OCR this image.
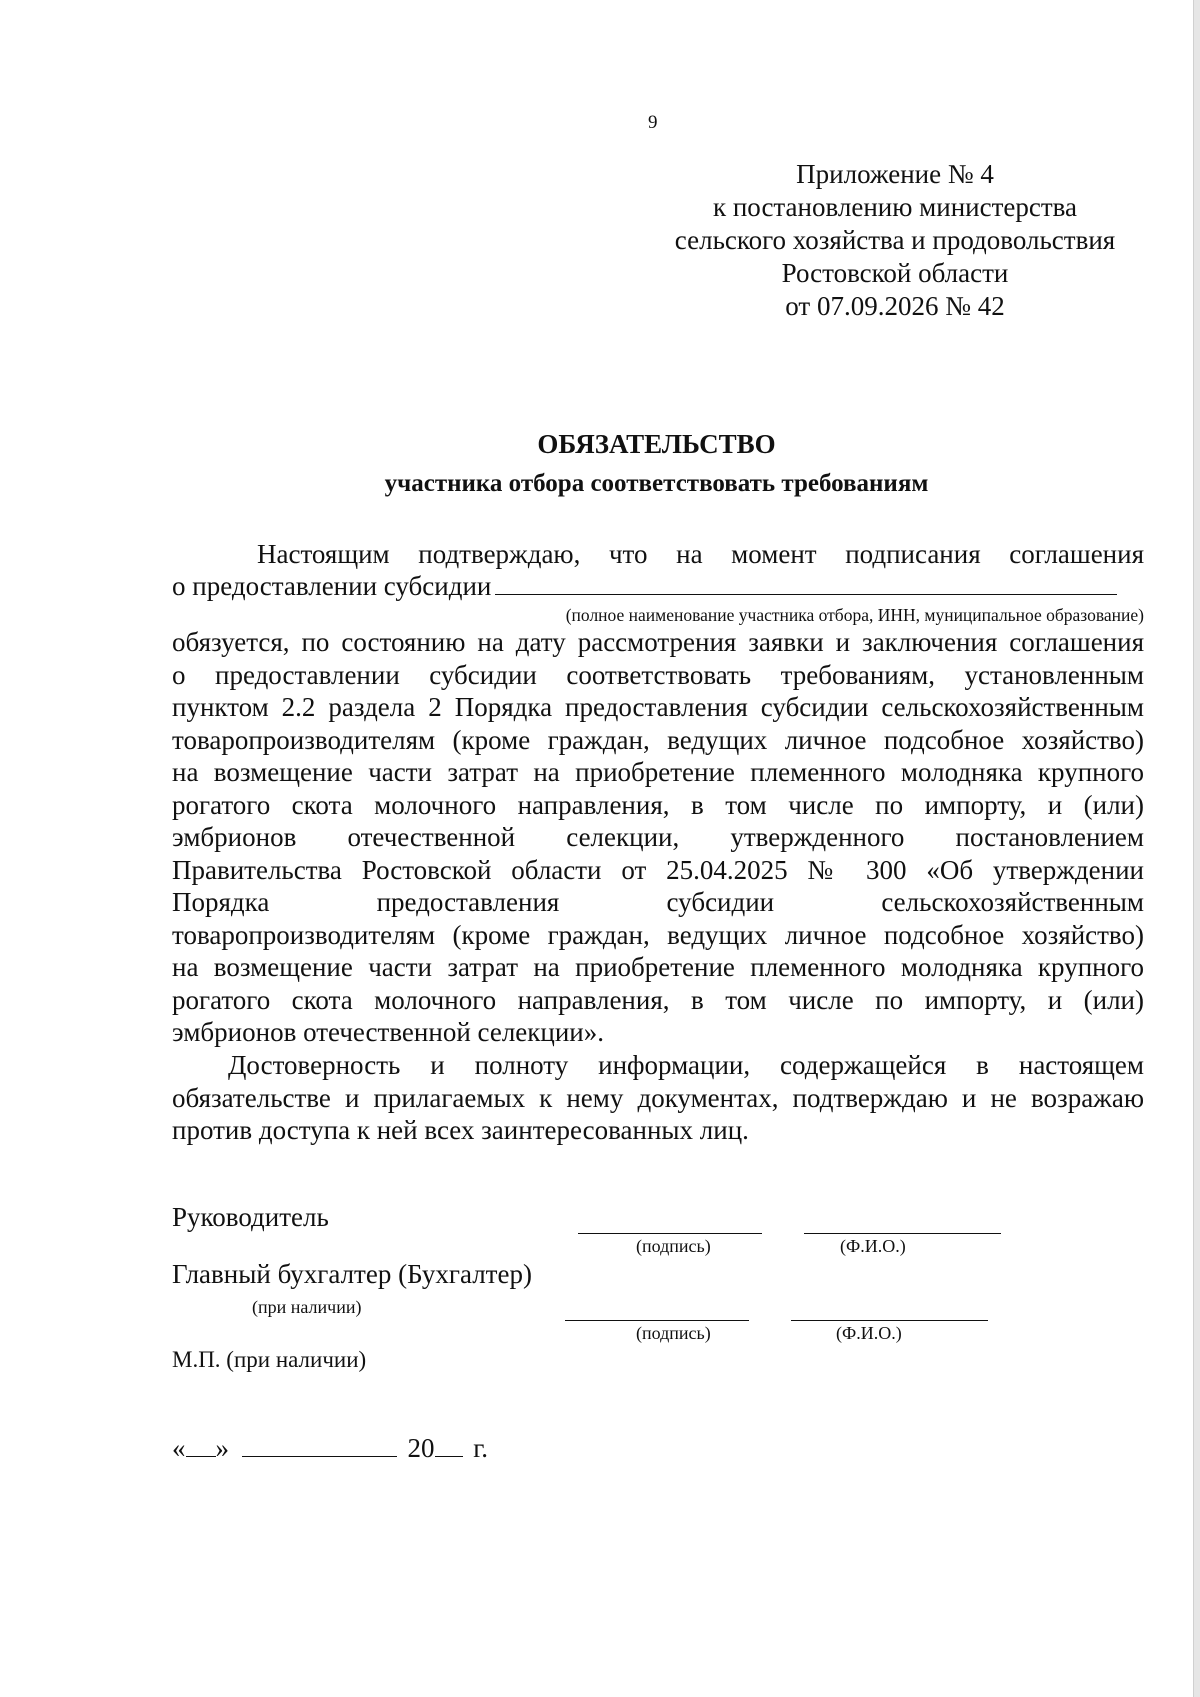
9
Приложение № 4
к постановлению министерства
сельского хозяйства и продовольствия
Ростовской области
от 07.09.2026 № 42
ОБЯЗАТЕЛЬСТВО
участника отбора соответствовать требованиям
Настоящим подтверждаю, что на момент подписания соглашения
о предоставлении субсидии
(полное наименование участника отбора, ИНН, муниципальное образование)
обязуется, по состоянию на дату рассмотрения заявки и заключения соглашения
о предоставлении субсидии соответствовать требованиям, установленным
пунктом 2.2 раздела 2 Порядка предоставления субсидии сельскохозяйственным
товаропроизводителям (кроме граждан, ведущих личное подсобное хозяйство)
на возмещение части затрат на приобретение племенного молодняка крупного
рогатого скота молочного направления, в том числе по импорту, и (или)
эмбрионов отечественной селекции, утвержденного постановлением
Правительства Ростовской области от 25.04.2025 № 300 «Об утверждении
Порядка предоставления субсидии сельскохозяйственным
товаропроизводителям (кроме граждан, ведущих личное подсобное хозяйство)
на возмещение части затрат на приобретение племенного молодняка крупного
рогатого скота молочного направления, в том числе по импорту, и (или)
эмбрионов отечественной селекции».
Достоверность и полноту информации, содержащейся в настоящем
обязательстве и прилагаемых к нему документах, подтверждаю и не возражаю
против доступа к ней всех заинтересованных лиц.
Руководитель
(подпись)	(Ф.И.О.)
Главный бухгалтер (Бухгалтер)
(при наличии)
(подпись)	(Ф.И.О.)
М.П. (при наличии)
« »	20 г.
